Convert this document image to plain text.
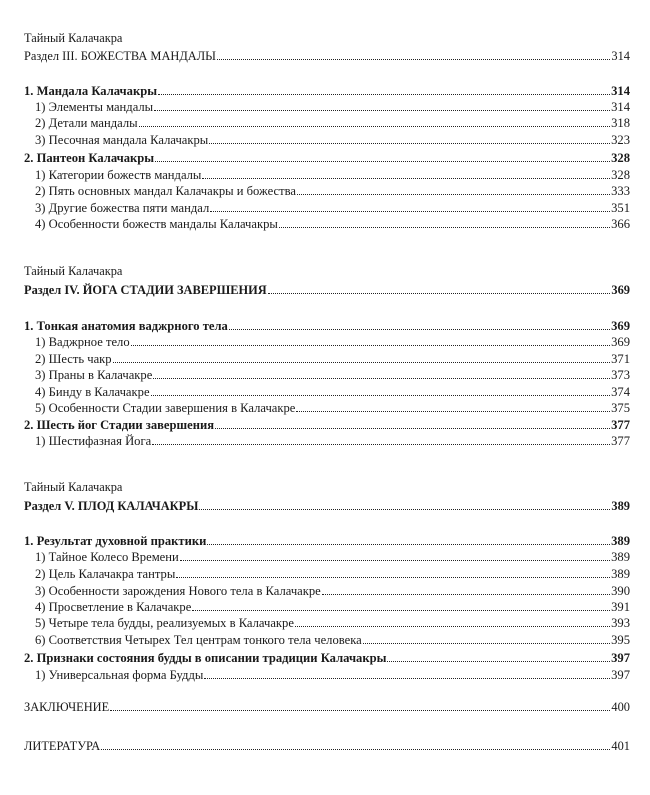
Тайный Калачакра
Раздел III. БОЖЕСТВА МАНДАЛЫ	314
1. Мандала Калачакры	314
1) Элементы мандалы	314
2) Детали мандалы	318
3) Песочная мандала Калачакры	323
2. Пантеон Калачакры	328
1) Категории божеств мандалы	328
2) Пять основных мандал Калачакры и божества	333
3) Другие божества пяти мандал	351
4) Особенности божеств мандалы Калачакры	366
Тайный Калачакра
Раздел IV. ЙОГА СТАДИИ ЗАВЕРШЕНИЯ	369
1. Тонкая анатомия ваджрного тела	369
1) Ваджрное тело	369
2) Шесть чакр	371
3) Праны в Калачакре	373
4) Бинду в Калачакре	374
5) Особенности Стадии завершения в Калачакре	375
2. Шесть йог Стадии завершения	377
1) Шестифазная Йога	377
Тайный Калачакра
Раздел V. ПЛОД КАЛАЧАКРЫ	389
1. Результат духовной практики	389
1) Тайное Колесо Времени	389
2) Цель Калачакра тантры	389
3) Особенности зарождения Нового тела в Калачакре	390
4) Просветление в Калачакре	391
5) Четыре тела будды, реализуемых в Калачакре	393
6) Соответствия Четырех Тел центрам тонкого тела человека	395
2. Признаки состояния будды в описании традиции Калачакры	397
1) Универсальная форма Будды	397
ЗАКЛЮЧЕНИЕ	400
ЛИТЕРАТУРА	401
